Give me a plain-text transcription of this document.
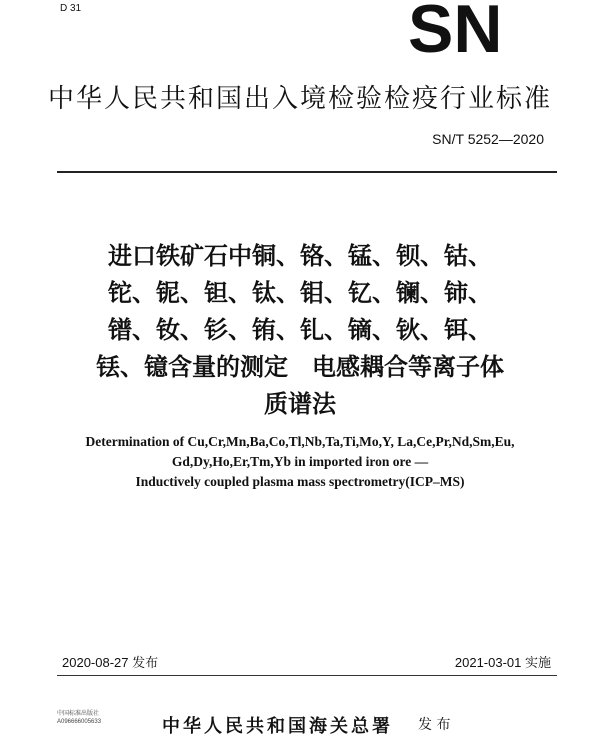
D 31	SN
中华人民共和国出入境检验检疫行业标准
SN/T 5252—2020
进口铁矿石中铜、铬、锰、钡、钴、
铊、铌、钽、钛、钼、钇、镧、铈、
镨、钕、钐、铕、钆、镝、钬、铒、
铥、镱含量的测定　电感耦合等离子体
质谱法
Determination of Cu,Cr,Mn,Ba,Co,Tl,Nb,Ta,Ti,Mo,Y, La,Ce,Pr,Nd,Sm,Eu,
Gd,Dy,Ho,Er,Tm,Yb in imported iron ore —
Inductively coupled plasma mass spectrometry(ICP–MS)
2020-08-27 发布	2021-03-01 实施
中国标准出版社
A096666005633	中华人民共和国海关总署 发 布
